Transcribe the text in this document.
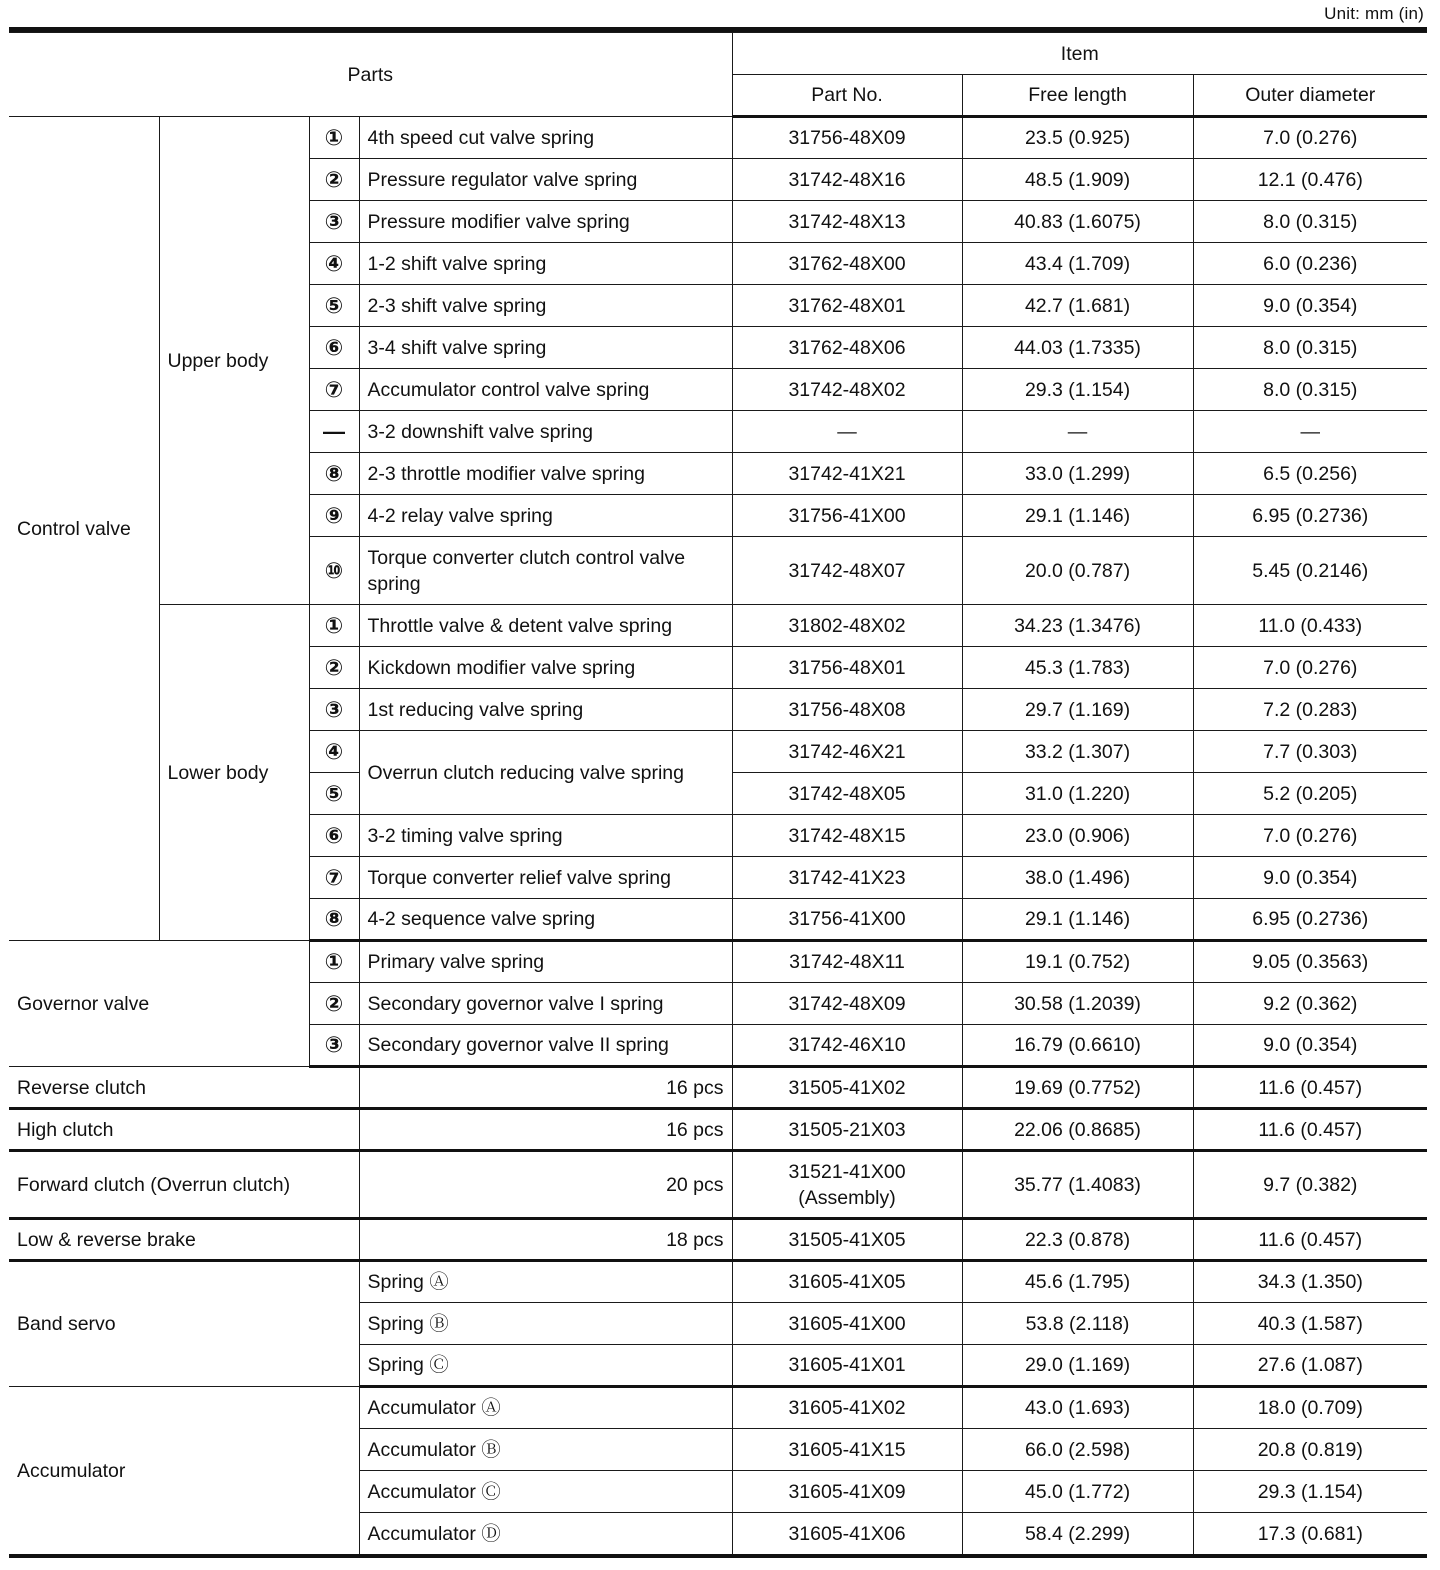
Unit: mm (in)
Parts				Item		
				Part No.	Free length	Outer diameter
Control valve	Upper body	①	4th speed cut valve spring	31756-48X09	23.5 (0.925)	7.0 (0.276)
		②	Pressure regulator valve spring	31742-48X16	48.5 (1.909)	12.1 (0.476)
		③	Pressure modifier valve spring	31742-48X13	40.83 (1.6075)	8.0 (0.315)
		④	1-2 shift valve spring	31762-48X00	43.4 (1.709)	6.0 (0.236)
		⑤	2-3 shift valve spring	31762-48X01	42.7 (1.681)	9.0 (0.354)
		⑥	3-4 shift valve spring	31762-48X06	44.03 (1.7335)	8.0 (0.315)
		⑦	Accumulator control valve spring	31742-48X02	29.3 (1.154)	8.0 (0.315)
		—	3-2 downshift valve spring	—	—	—
		⑧	2-3 throttle modifier valve spring	31742-41X21	33.0 (1.299)	6.5 (0.256)
		⑨	4-2 relay valve spring	31756-41X00	29.1 (1.146)	6.95 (0.2736)
		⑩	Torque converter clutch control valve spring	31742-48X07	20.0 (0.787)	5.45 (0.2146)
	Lower body	①	Throttle valve & detent valve spring	31802-48X02	34.23 (1.3476)	11.0 (0.433)
		②	Kickdown modifier valve spring	31756-48X01	45.3 (1.783)	7.0 (0.276)
		③	1st reducing valve spring	31756-48X08	29.7 (1.169)	7.2 (0.283)
		④	Overrun clutch reducing valve spring	31742-46X21	33.2 (1.307)	7.7 (0.303)
		⑤		31742-48X05	31.0 (1.220)	5.2 (0.205)
		⑥	3-2 timing valve spring	31742-48X15	23.0 (0.906)	7.0 (0.276)
		⑦	Torque converter relief valve spring	31742-41X23	38.0 (1.496)	9.0 (0.354)
		⑧	4-2 sequence valve spring	31756-41X00	29.1 (1.146)	6.95 (0.2736)
Governor valve		①	Primary valve spring	31742-48X11	19.1 (0.752)	9.05 (0.3563)
		②	Secondary governor valve I spring	31742-48X09	30.58 (1.2039)	9.2 (0.362)
		③	Secondary governor valve II spring	31742-46X10	16.79 (0.6610)	9.0 (0.354)
Reverse clutch			16 pcs	31505-41X02	19.69 (0.7752)	11.6 (0.457)
High clutch			16 pcs	31505-21X03	22.06 (0.8685)	11.6 (0.457)
Forward clutch (Overrun clutch)			20 pcs	31521-41X00 (Assembly)	35.77 (1.4083)	9.7 (0.382)
Low & reverse brake			18 pcs	31505-41X05	22.3 (0.878)	11.6 (0.457)
Band servo			Spring Ⓐ	31605-41X05	45.6 (1.795)	34.3 (1.350)
			Spring Ⓑ	31605-41X00	53.8 (2.118)	40.3 (1.587)
			Spring Ⓒ	31605-41X01	29.0 (1.169)	27.6 (1.087)
Accumulator			Accumulator Ⓐ	31605-41X02	43.0 (1.693)	18.0 (0.709)
			Accumulator Ⓑ	31605-41X15	66.0 (2.598)	20.8 (0.819)
			Accumulator Ⓒ	31605-41X09	45.0 (1.772)	29.3 (1.154)
			Accumulator Ⓓ	31605-41X06	58.4 (2.299)	17.3 (0.681)
